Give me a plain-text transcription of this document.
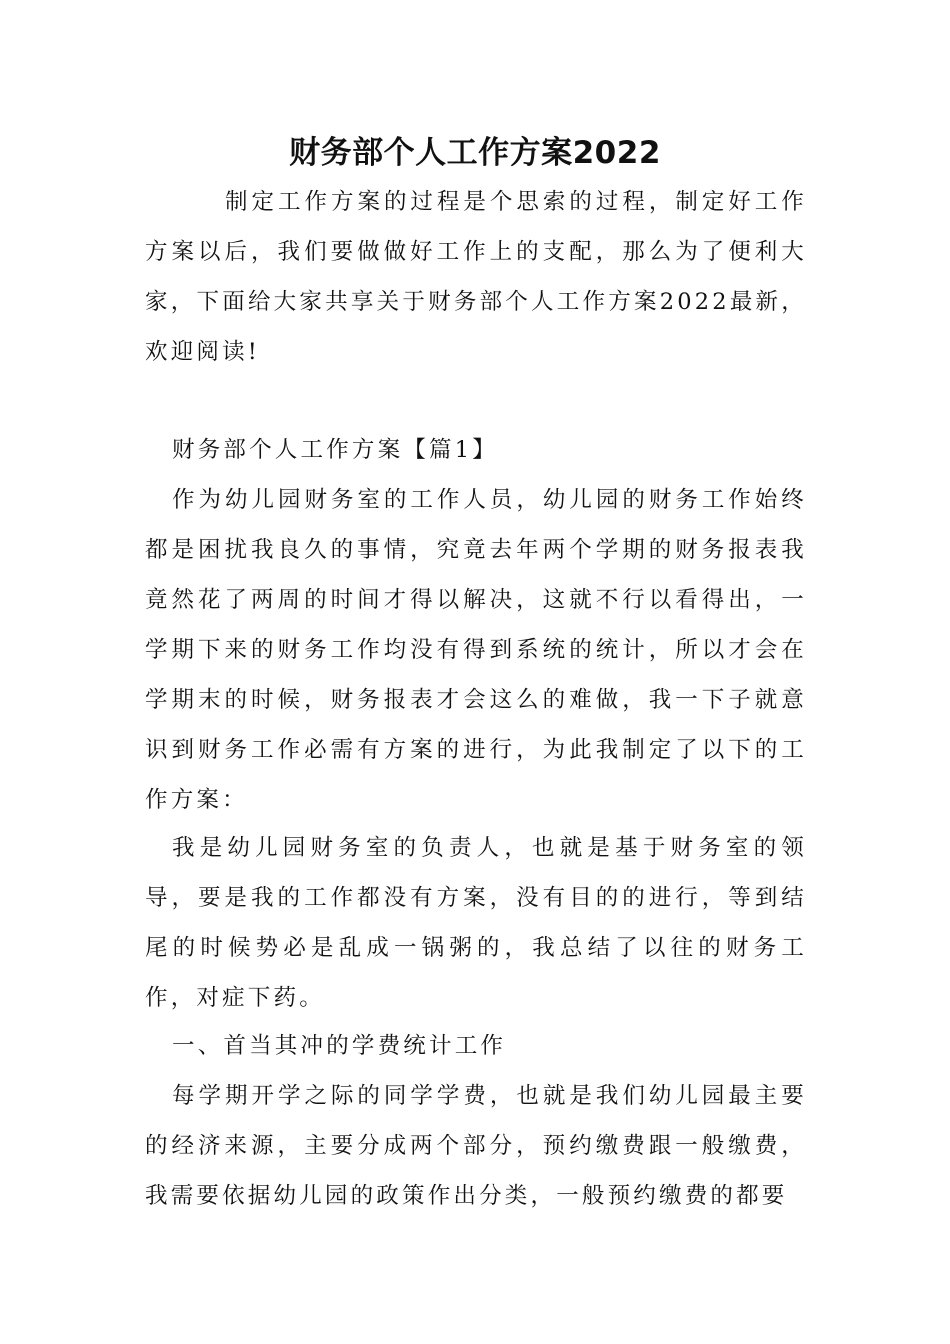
财务部个人工作方案2022

制定工作方案的过程是个思索的过程，制定好工作方案以后，我们要做做好工作上的支配，那么为了便利大家，下面给大家共享关于财务部个人工作方案2022最新，欢迎阅读!

财务部个人工作方案【篇1】

作为幼儿园财务室的工作人员，幼儿园的财务工作始终都是困扰我良久的事情，究竟去年两个学期的财务报表我竟然花了两周的时间才得以解决，这就不行以看得出，一学期下来的财务工作均没有得到系统的统计，所以才会在学期末的时候，财务报表才会这么的难做，我一下子就意识到财务工作必需有方案的进行，为此我制定了以下的工作方案：

我是幼儿园财务室的负责人，也就是基于财务室的领导，要是我的工作都没有方案，没有目的的进行，等到结尾的时候势必是乱成一锅粥的，我总结了以往的财务工作，对症下药。

一、首当其冲的学费统计工作

每学期开学之际的同学学费，也就是我们幼儿园最主要的经济来源，主要分成两个部分，预约缴费跟一般缴费，我需要依据幼儿园的政策作出分类，一般预约缴费的都要
